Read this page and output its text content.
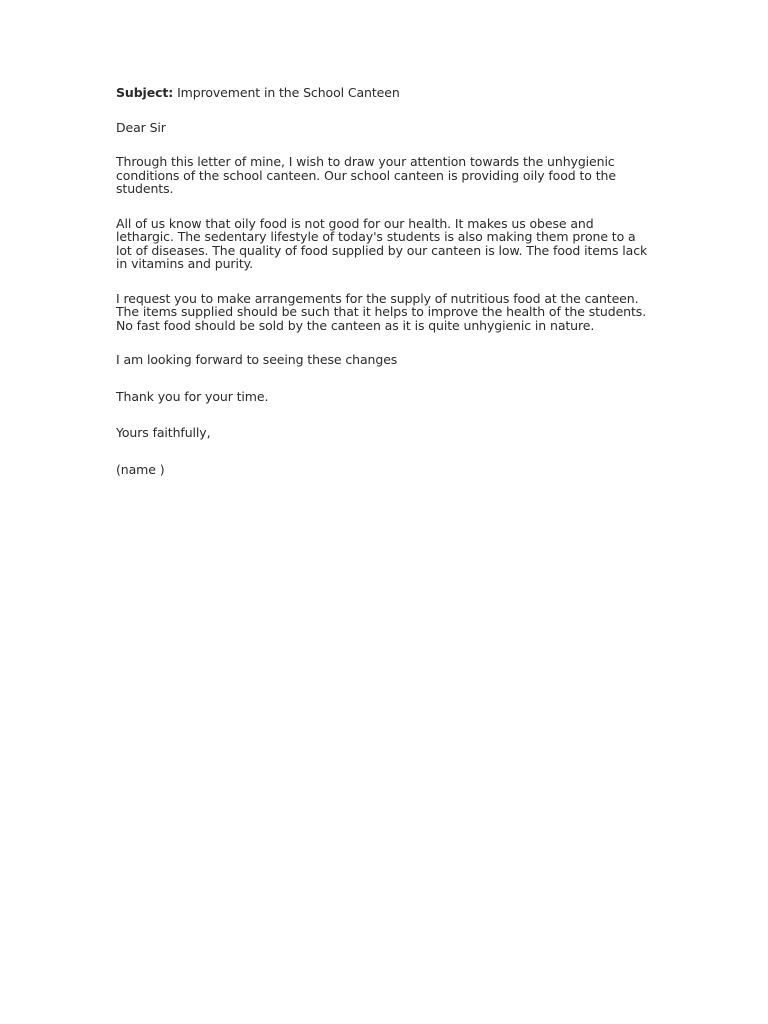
Subject: Improvement in the School Canteen

Dear Sir

Through this letter of mine, I wish to draw your attention towards the unhygienic
conditions of the school canteen. Our school canteen is providing oily food to the
students.

All of us know that oily food is not good for our health. It makes us obese and
lethargic. The sedentary lifestyle of today's students is also making them prone to a
lot of diseases. The quality of food supplied by our canteen is low. The food items lack
in vitamins and purity.

I request you to make arrangements for the supply of nutritious food at the canteen.
The items supplied should be such that it helps to improve the health of the students.
No fast food should be sold by the canteen as it is quite unhygienic in nature.

I am looking forward to seeing these changes

Thank you for your time.

Yours faithfully,

(name )
